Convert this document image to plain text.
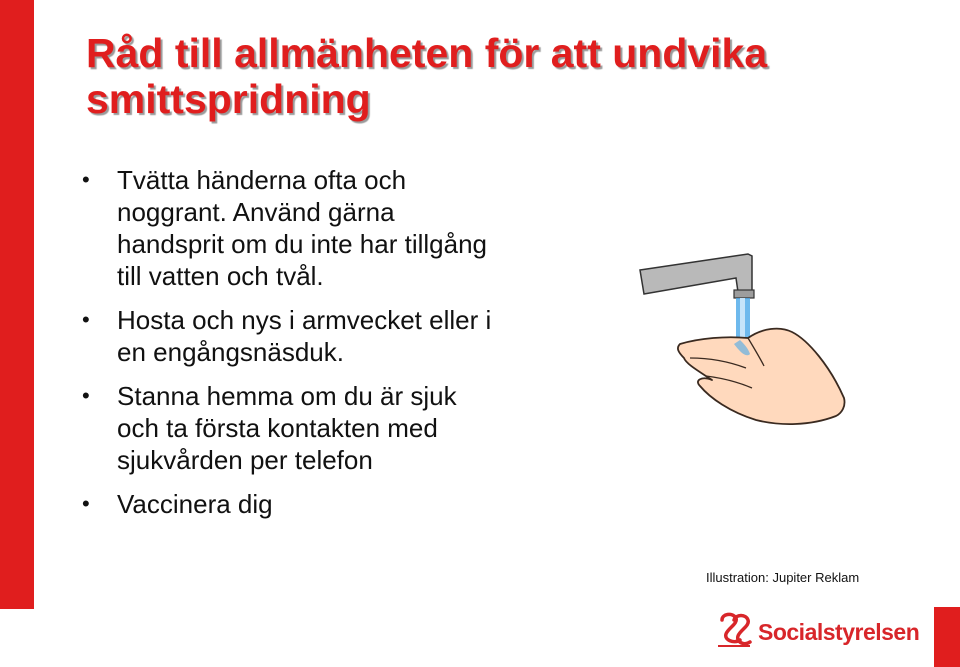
Råd till allmänheten för att undvika smittspridning
• Tvätta händerna ofta och noggrant. Använd gärna handsprit om du inte har tillgång till vatten och tvål.
• Hosta och nys i armvecket eller i en engångsnäsduk.
• Stanna hemma om du är sjuk och ta första kontakten med sjukvården per telefon
• Vaccinera dig
Illustration: Jupiter Reklam
Socialstyrelsen
